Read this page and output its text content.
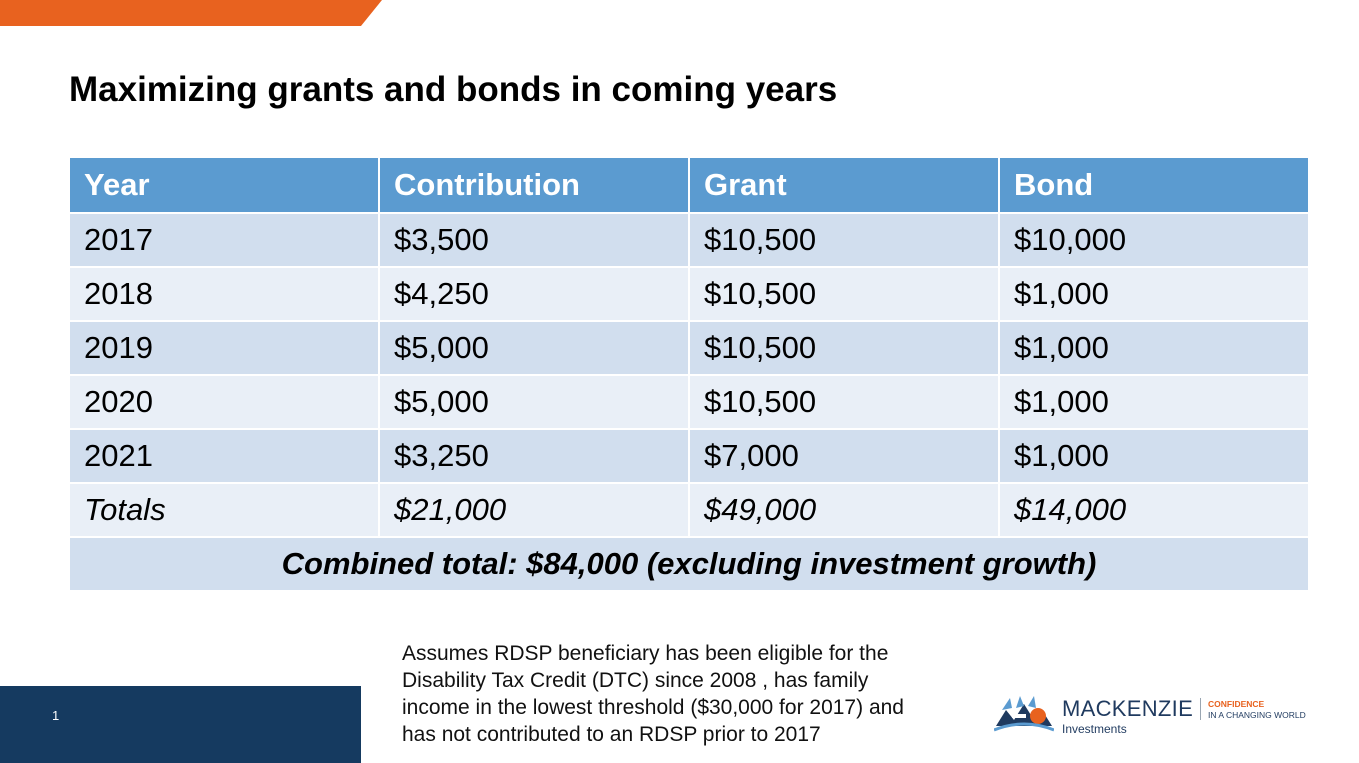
Maximizing grants and bonds in coming years
Year	Contribution	Grant	Bond
2017	$3,500	$10,500	$10,000
2018	$4,250	$10,500	$1,000
2019	$5,000	$10,500	$1,000
2020	$5,000	$10,500	$1,000
2021	$3,250	$7,000	$1,000
Totals	$21,000	$49,000	$14,000
Combined total: $84,000 (excluding investment growth)			
1
Assumes RDSP beneficiary has been eligible for the
Disability Tax Credit (DTC) since 2008 , has family
income in the lowest threshold ($30,000 for 2017) and
has not contributed to an RDSP prior to 2017
MACKENZIE
Investments
CONFIDENCE
IN A CHANGING WORLD
